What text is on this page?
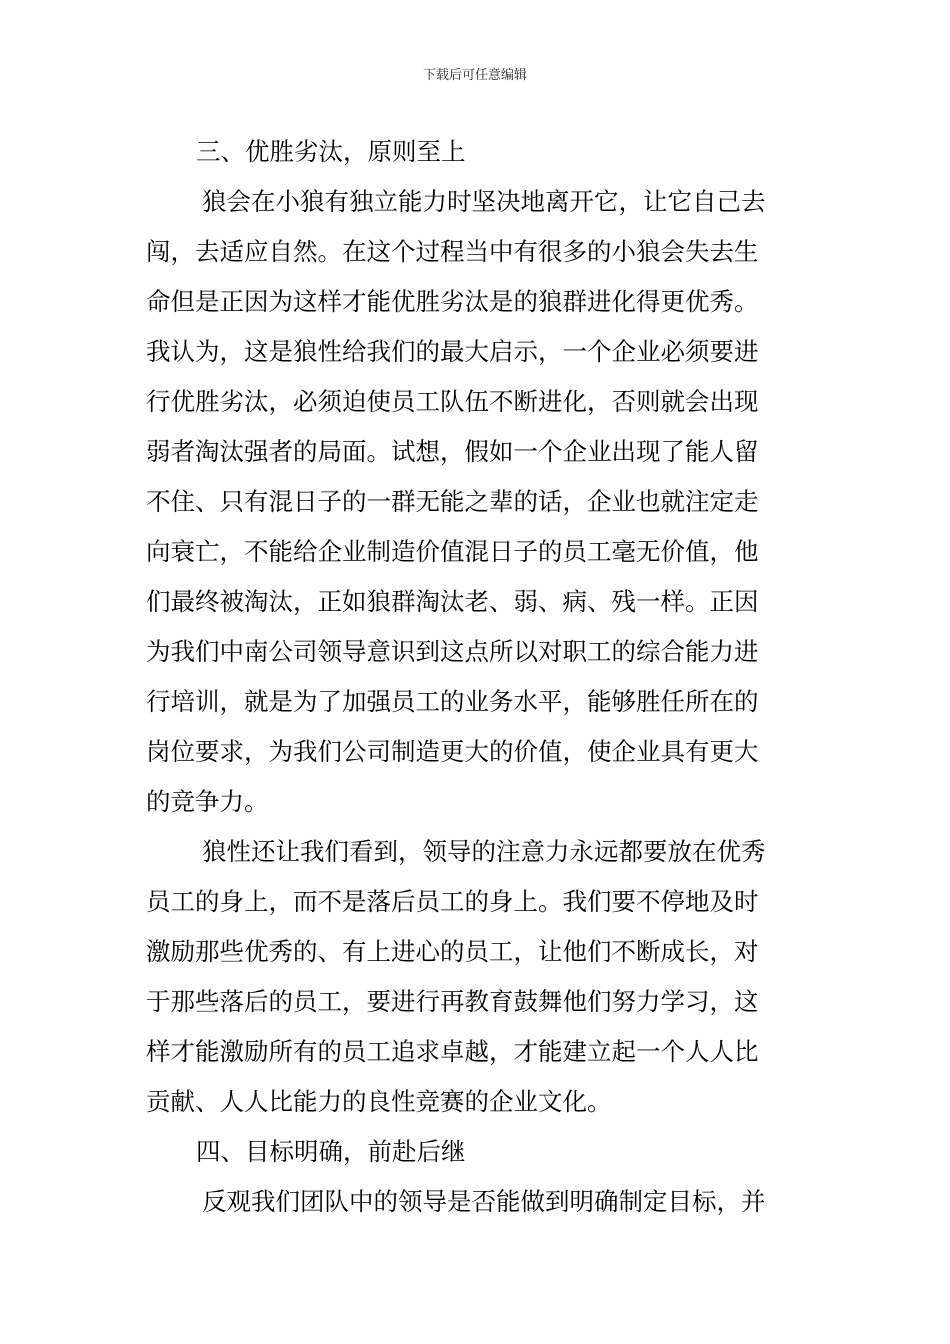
下载后可任意编辑
三、优胜劣汰，原则至上
狼会在小狼有独立能力时坚决地离开它，让它自己去
闯，去适应自然。在这个过程当中有很多的小狼会失去生
命但是正因为这样才能优胜劣汰是的狼群进化得更优秀。
我认为，这是狼性给我们的最大启示，一个企业必须要进
行优胜劣汰，必须迫使员工队伍不断进化，否则就会出现
弱者淘汰强者的局面。试想，假如一个企业出现了能人留
不住、只有混日子的一群无能之辈的话，企业也就注定走
向衰亡，不能给企业制造价值混日子的员工毫无价值，他
们最终被淘汰，正如狼群淘汰老、弱、病、残一样。正因
为我们中南公司领导意识到这点所以对职工的综合能力进
行培训，就是为了加强员工的业务水平，能够胜任所在的
岗位要求，为我们公司制造更大的价值，使企业具有更大
的竞争力。
狼性还让我们看到，领导的注意力永远都要放在优秀
员工的身上，而不是落后员工的身上。我们要不停地及时
激励那些优秀的、有上进心的员工，让他们不断成长，对
于那些落后的员工，要进行再教育鼓舞他们努力学习，这
样才能激励所有的员工追求卓越，才能建立起一个人人比
贡献、人人比能力的良性竞赛的企业文化。
四、目标明确，前赴后继
反观我们团队中的领导是否能做到明确制定目标，并
